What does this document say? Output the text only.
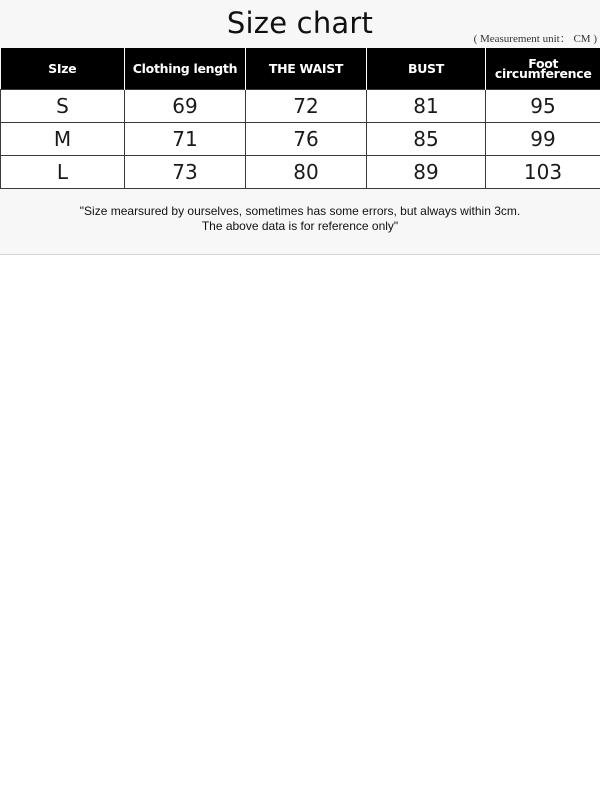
Size chart	( Measurement unit： CM )
SIze	Clothing length	THE WAIST	BUST	Foot circumference
S	69	72	81	95
M	71	76	85	99
L	73	80	89	103
"Size mearsured by ourselves, sometimes has some errors, but always within 3cm.
The above data is for reference only"
